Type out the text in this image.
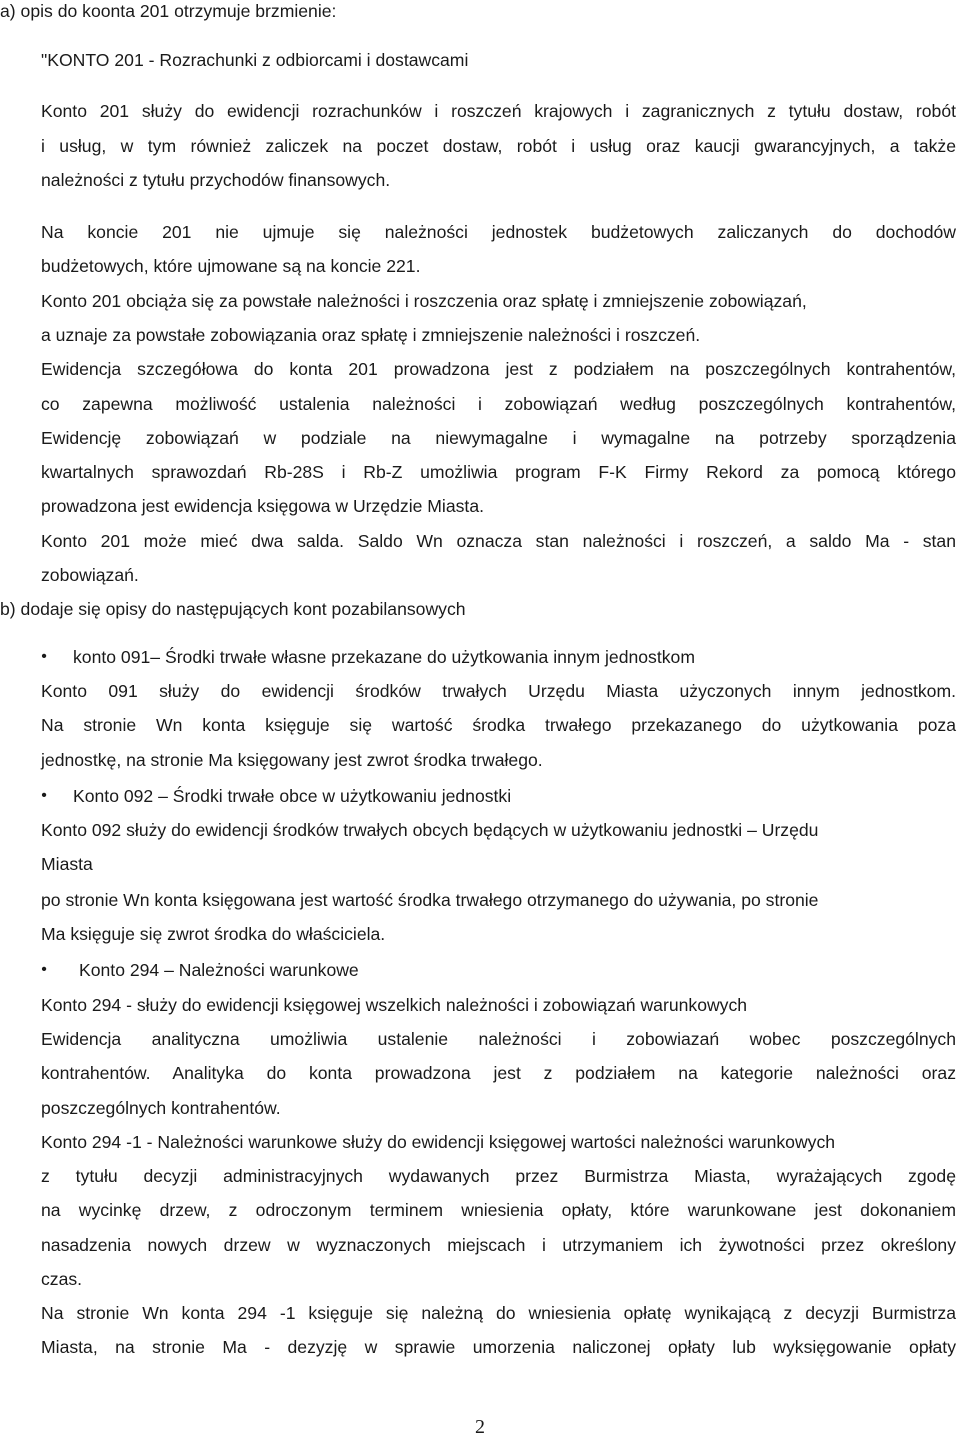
a) opis do koonta 201 otrzymuje brzmienie:
"KONTO 201 - Rozrachunki z odbiorcami i dostawcami
Konto 201 służy do ewidencji rozrachunków i roszczeń krajowych i zagranicznych z tytułu dostaw, robót
i usług, w tym również zaliczek na poczet dostaw, robót i usług oraz kaucji gwarancyjnych, a także
należności z tytułu przychodów finansowych.
Na koncie 201 nie ujmuje się należności jednostek budżetowych zaliczanych do dochodów
budżetowych, które ujmowane są na koncie 221.
Konto 201 obciąża się za powstałe należności i roszczenia oraz spłatę i zmniejszenie zobowiązań,
a uznaje za powstałe zobowiązania oraz spłatę i zmniejszenie należności i roszczeń.
Ewidencja szczegółowa do konta 201 prowadzona jest z podziałem na poszczególnych kontrahentów,
co zapewna możliwość ustalenia należności i zobowiązań według poszczególnych kontrahentów,
Ewidencję zobowiązań w podziale na niewymagalne i wymagalne na potrzeby sporządzenia
kwartalnych sprawozdań Rb-28S i Rb-Z umożliwia program F-K Firmy Rekord za pomocą którego
prowadzona jest ewidencja księgowa w Urzędzie Miasta.
Konto 201 może mieć dwa salda. Saldo Wn oznacza stan należności i roszczeń, a saldo Ma - stan
zobowiązań.
b) dodaje się opisy do następujących kont pozabilansowych
• konto 091– Środki trwałe własne przekazane do użytkowania innym jednostkom
Konto 091 służy do ewidencji środków trwałych Urzędu Miasta użyczonych innym jednostkom.
Na stronie Wn konta księguje się wartość środka trwałego przekazanego do użytkowania poza
jednostkę, na stronie Ma księgowany jest zwrot środka trwałego.
• Konto 092 – Środki trwałe obce w użytkowaniu jednostki
Konto 092 służy do ewidencji środków trwałych obcych będących w użytkowaniu jednostki – Urzędu
Miasta
po stronie Wn konta księgowana jest wartość środka trwałego otrzymanego do używania, po stronie
Ma księguje się zwrot środka do właściciela.
• Konto 294 – Należności warunkowe
Konto 294 - służy do ewidencji księgowej wszelkich należności i zobowiązań warunkowych
Ewidencja analityczna umożliwia ustalenie należności i zobowiazań wobec poszczególnych
kontrahentów. Analityka do konta prowadzona jest z podziałem na kategorie należności oraz
poszczególnych kontrahentów.
Konto 294 -1 - Należności warunkowe służy do ewidencji księgowej wartości należności warunkowych
z tytułu decyzji administracyjnych wydawanych przez Burmistrza Miasta, wyrażających zgodę
na wycinkę drzew, z odroczonym terminem wniesienia opłaty, które warunkowane jest dokonaniem
nasadzenia nowych drzew w wyznaczonych miejscach i utrzymaniem ich żywotności przez określony
czas.
Na stronie Wn konta 294 -1 księguje się należną do wniesienia opłatę wynikającą z decyzji Burmistrza
Miasta, na stronie Ma - dezyzję w sprawie umorzenia naliczonej opłaty lub wyksięgowanie opłaty
2
